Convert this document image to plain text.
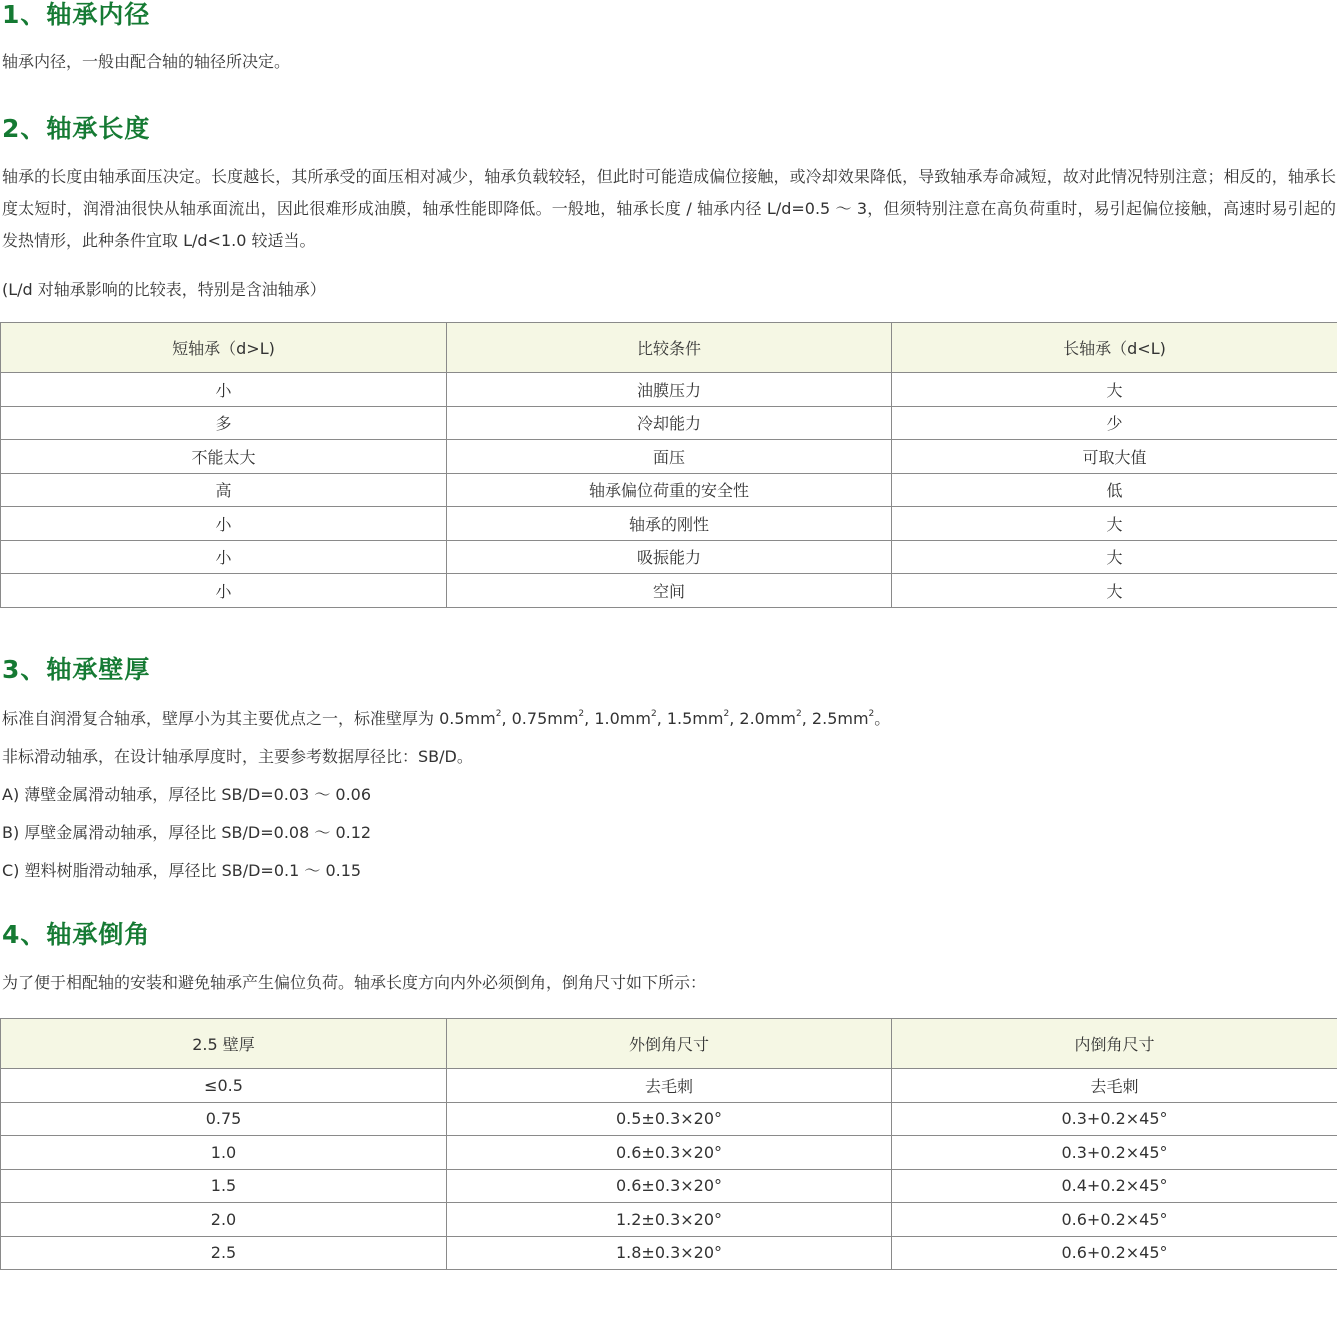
1、轴承内径

轴承内径，一般由配合轴的轴径所决定。

2、轴承长度

轴承的长度由轴承面压决定。长度越长，其所承受的面压相对减少，轴承负载较轻，但此时可能造成偏位接触，或冷却效果降低，导致轴承寿命减短，故对此情况特别注意；相反的，轴承长度太短时，润滑油很快从轴承面流出，因此很难形成油膜，轴承性能即降低。一般地，轴承长度 / 轴承内径 L/d=0.5 ～ 3，但须特别注意在高负荷重时，易引起偏位接触，高速时易引起的发热情形，此种条件宜取 L/d<1.0 较适当。

(L/d 对轴承影响的比较表，特别是含油轴承）

短轴承（d>L)	比较条件	长轴承（d<L)
小	油膜压力	大
多	冷却能力	少
不能太大	面压	可取大值
高	轴承偏位荷重的安全性	低
小	轴承的刚性	大
小	吸振能力	大
小	空间	大
3、轴承壁厚

标准自润滑复合轴承，壁厚小为其主要优点之一，标准壁厚为 $0.5mm^2$, $0.75mm^2$, $1.0mm^2$, $1.5mm^2$, $2.0mm^2$, $2.5mm^2$。

非标滑动轴承，在设计轴承厚度时，主要参考数据厚径比：SB/D。

A) 薄壁金属滑动轴承，厚径比 SB/D=0.03 ～ 0.06

B) 厚壁金属滑动轴承，厚径比 SB/D=0.08 ～ 0.12

C) 塑料树脂滑动轴承，厚径比 SB/D=0.1 ～ 0.15

4、轴承倒角

为了便于相配轴的安装和避免轴承产生偏位负荷。轴承长度方向内外必须倒角，倒角尺寸如下所示：

2.5 壁厚	外倒角尺寸	内倒角尺寸
≤0.5	去毛刺	去毛刺
0.75	0.5±0.3×20°	0.3+0.2×45°
1.0	0.6±0.3×20°	0.3+0.2×45°
1.5	0.6±0.3×20°	0.4+0.2×45°
2.0	1.2±0.3×20°	0.6+0.2×45°
2.5	1.8±0.3×20°	0.6+0.2×45°
